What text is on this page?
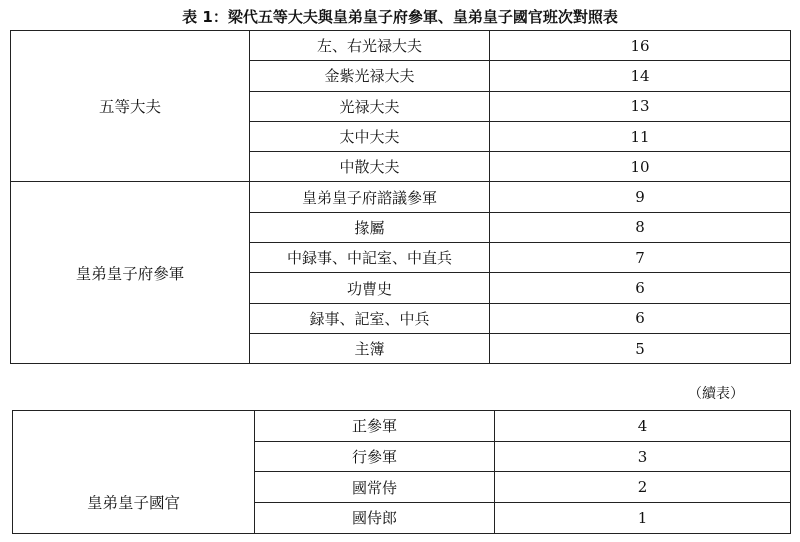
表 1：梁代五等大夫與皇弟皇子府參軍、皇弟皇子國官班次對照表
五等大夫	左、右光禄大夫	16
	金紫光禄大夫	14
	光禄大夫	13
	太中大夫	11
	中散大夫	10
皇弟皇子府參軍	皇弟皇子府諮議參軍	9
	掾屬	8
	中録事、中記室、中直兵	7
	功曹史	6
	録事、記室、中兵	6
	主簿	5
（續表）
	正參軍	4
	行參軍	3
皇弟皇子國官	國常侍	2
	國侍郎	1
